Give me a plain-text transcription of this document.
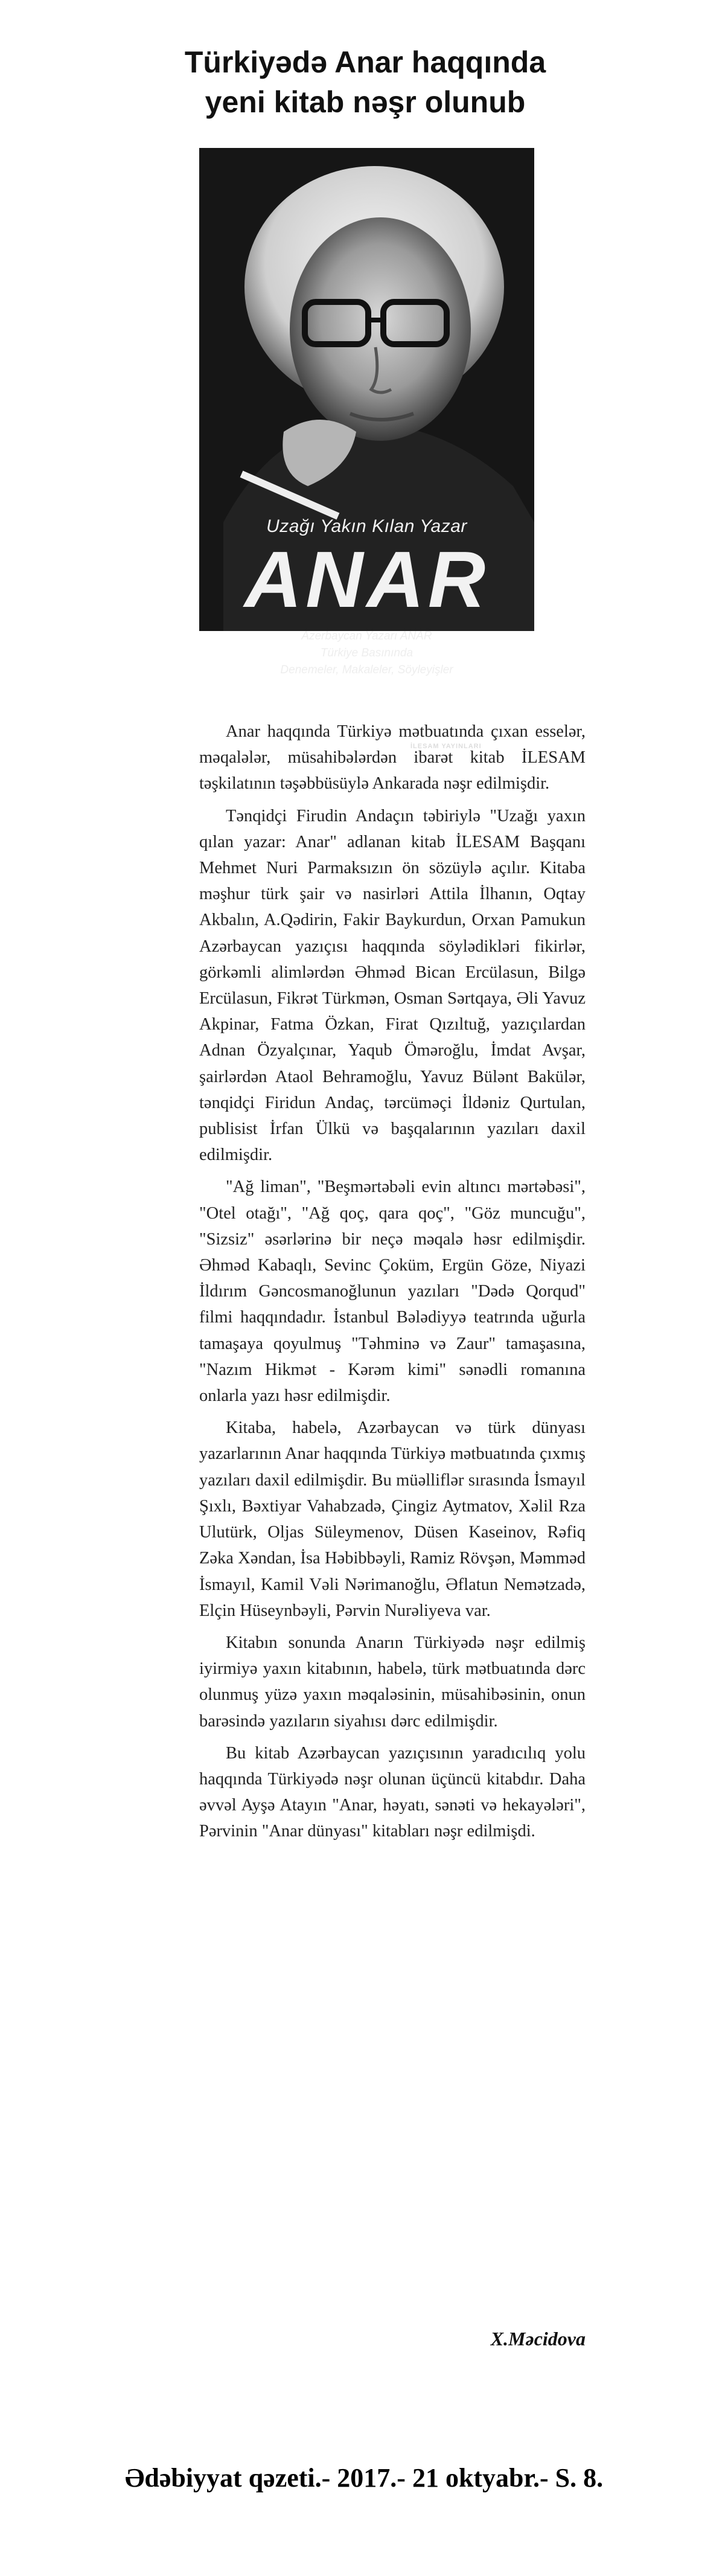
Türkiyədə Anar haqqında
yeni kitab nəşr olunub
Uzağı Yakın Kılan Yazar
ANAR
Azerbaycan Yazarı ANAR
Türkiye Basınında
Denemeler, Makaleler, Söyleyişler
İLESAM YAYINLARI

Anar haqqında Türkiyə mətbuatında çıxan esselər, məqalələr, müsahibələrdən ibarət kitab İLESAM təşkilatının təşəbbüsüylə Ankarada nəşr edilmişdir.

Tənqidçi Firudin Andaçın təbiriylə "Uzağı yaxın qılan yazar: Anar" adlanan kitab İLESAM Başqanı Mehmet Nuri Parmaksızın ön sözüylə açılır. Kitaba məşhur türk şair və nasirləri Attila İlhanın, Oqtay Akbalın, A.Qədirin, Fakir Baykurdun, Orxan Pamukun Azərbaycan yazıçısı haqqında söylədikləri fikirlər, görkəmli alimlərdən Əhməd Bican Ercülasun, Bilgə Ercülasun, Fikrət Türkmən, Osman Sərtqaya, Əli Yavuz Akpinar, Fatma Özkan, Firat Qızıltuğ, yazıçılardan Adnan Özyalçınar, Yaqub Ömərоğlu, İmdat Avşar, şairlərdən Ataol Behramoğlu, Yavuz Bülənt Bakülər, tənqidçi Firidun Andaç, tərcüməçi İldəniz Qurtulan, publisist İrfan Ülkü və başqalarının yazıları daxil edilmişdir.

"Ağ liman", "Beşmərtəbəli evin altıncı mərtəbəsi", "Otel otağı", "Ağ qoç, qara qoç", "Göz muncuğu", "Sizsiz" əsərlərinə bir neçə məqalə həsr edilmişdir. Əhməd Kabaqlı, Sevinc Çoküm, Ergün Göze, Niyazi İldırım Gəncosmanoğlunun yazıları "Dədə Qorqud" filmi haqqındadır. İstanbul Bələdiyyə teatrında uğurla tamaşaya qoyulmuş "Təhminə və Zaur" tamaşasına, "Nazım Hikmət - Kərəm kimi" sənədli romanına onlarla yazı həsr edilmişdir.

Kitaba, habelə, Azərbaycan və türk dünyası yazarlarının Anar haqqında Türkiyə mətbuatında çıxmış yazıları daxil edilmişdir. Bu müəlliflər sırasında İsmayıl Şıxlı, Bəxtiyar Vahabzadə, Çingiz Aytmatov, Xəlil Rza Ulutürk, Oljas Süleymenov, Düsen Kaseinov, Rəfiq Zəka Xəndan, İsa Həbibbəyli, Ramiz Rövşən, Məmməd İsmayıl, Kamil Vəli Nərimanoğlu, Əflatun Nemətzadə, Elçin Hüseynbəyli, Pərvin Nurəliyeva var.

Kitabın sonunda Anarın Türkiyədə nəşr edilmiş iyirmiyə yaxın kitabının, habelə, türk mətbuatında dərc olunmuş yüzə yaxın məqaləsinin, müsahibəsinin, onun barəsində yazıların siyahısı dərc edilmişdir.

Bu kitab Azərbaycan yazıçısının yaradıcılıq yolu haqqında Türkiyədə nəşr olunan üçüncü kitabdır. Daha əvvəl Ayşə Atayın "Anar, həyatı, sənəti və hekayələri", Pərvinin "Anar dünyası" kitabları nəşr edilmişdi.

X.Məcidova
Ədəbiyyat qəzeti.- 2017.- 21 oktyabr.- S. 8.
